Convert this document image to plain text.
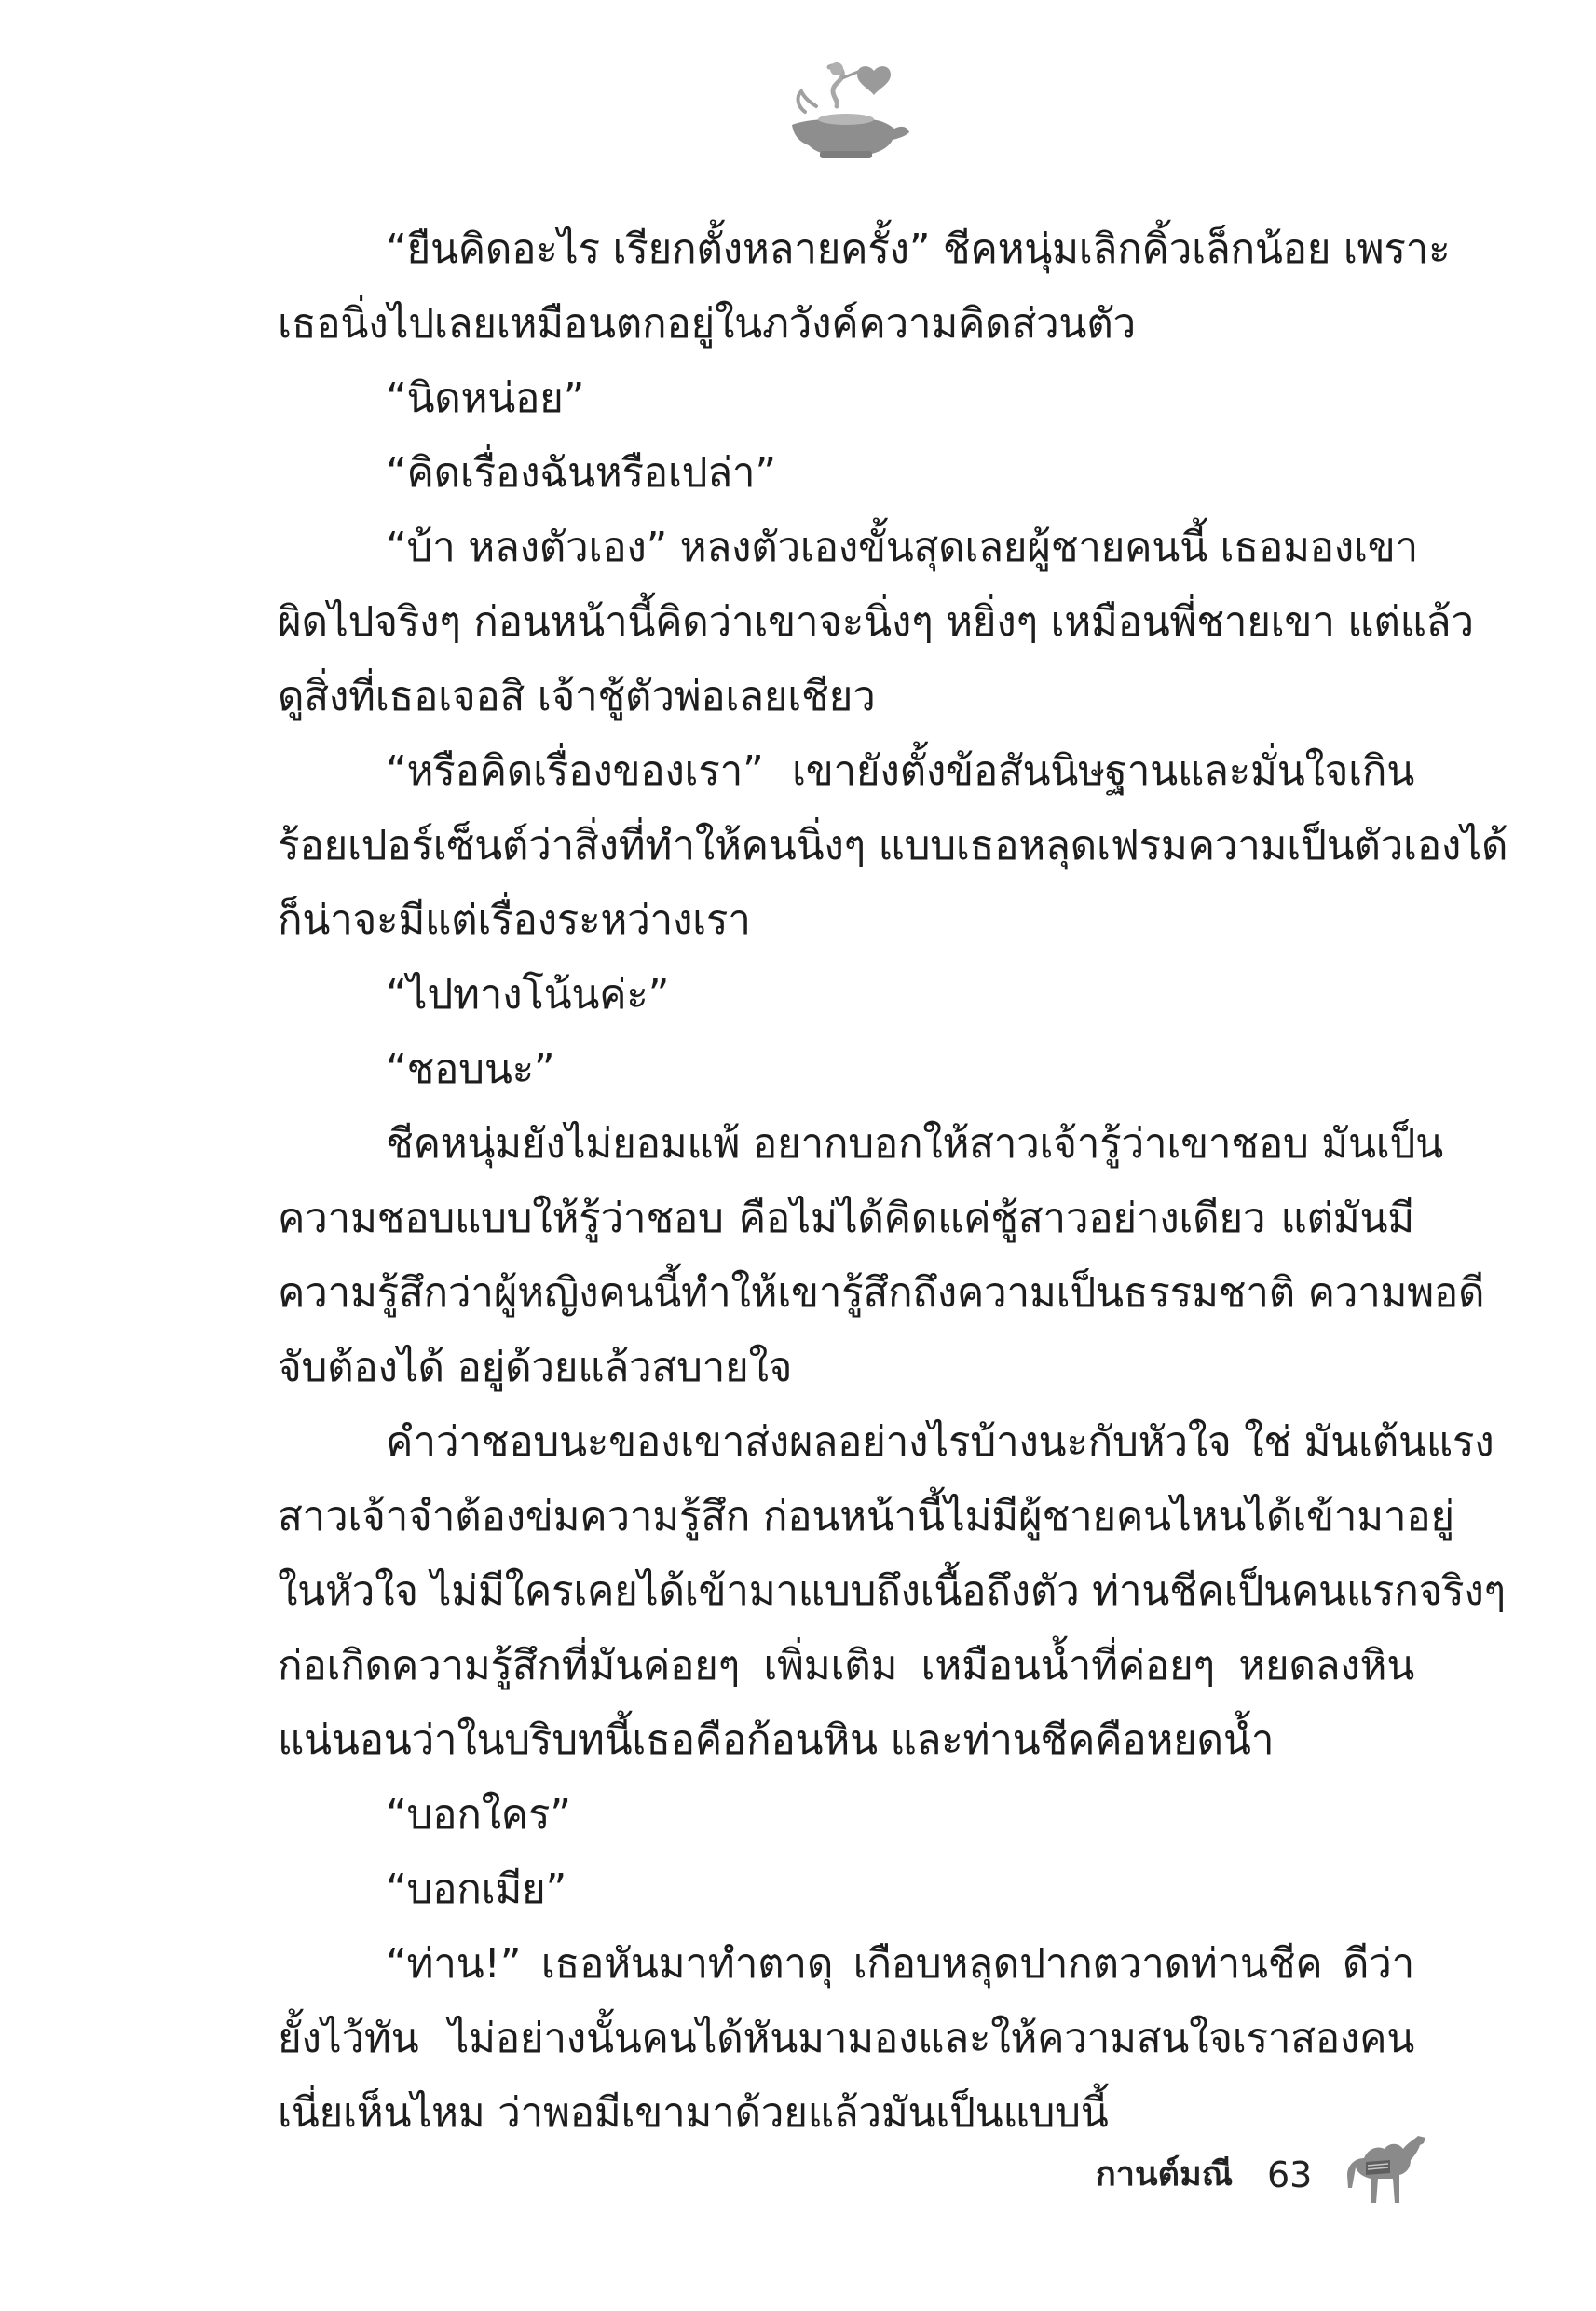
“ยืนคิดอะไร เรียกตั้งหลายครั้ง” ชีคหนุ่มเลิกคิ้วเล็กน้อย เพราะ
เธอนิ่งไปเลยเหมือนตกอยู่ในภวังค์ความคิดส่วนตัว
“นิดหน่อย”
“คิดเรื่องฉันหรือเปล่า”
“บ้า หลงตัวเอง” หลงตัวเองขั้นสุดเลยผู้ชายคนนี้ เธอมองเขา
ผิดไปจริงๆ ก่อนหน้านี้คิดว่าเขาจะนิ่งๆ หยิ่งๆ เหมือนพี่ชายเขา แต่แล้ว
ดูสิ่งที่เธอเจอสิ เจ้าชู้ตัวพ่อเลยเชียว
“หรือคิดเรื่องของเรา” เขายังตั้งข้อสันนิษฐานและมั่นใจเกิน
ร้อยเปอร์เซ็นต์ว่าสิ่งที่ทำให้คนนิ่งๆ แบบเธอหลุดเฟรมความเป็นตัวเองได้
ก็น่าจะมีแต่เรื่องระหว่างเรา
“ไปทางโน้นค่ะ”
“ชอบนะ”
ชีคหนุ่มยังไม่ยอมแพ้ อยากบอกให้สาวเจ้ารู้ว่าเขาชอบ มันเป็น
ความชอบแบบให้รู้ว่าชอบ คือไม่ได้คิดแค่ชู้สาวอย่างเดียว แต่มันมี
ความรู้สึกว่าผู้หญิงคนนี้ทำให้เขารู้สึกถึงความเป็นธรรมชาติ ความพอดี
จับต้องได้ อยู่ด้วยแล้วสบายใจ
คำว่าชอบนะของเขาส่งผลอย่างไรบ้างนะกับหัวใจ ใช่ มันเต้นแรง
สาวเจ้าจำต้องข่มความรู้สึก ก่อนหน้านี้ไม่มีผู้ชายคนไหนได้เข้ามาอยู่
ในหัวใจ ไม่มีใครเคยได้เข้ามาแบบถึงเนื้อถึงตัว ท่านชีคเป็นคนแรกจริงๆ
ก่อเกิดความรู้สึกที่มันค่อยๆ เพิ่มเติม เหมือนน้ำที่ค่อยๆ หยดลงหิน
แน่นอนว่าในบริบทนี้เธอคือก้อนหิน และท่านชีคคือหยดน้ำ
“บอกใคร”
“บอกเมีย”
“ท่าน!” เธอหันมาทำตาดุ เกือบหลุดปากตวาดท่านชีค ดีว่า
ยั้งไว้ทัน ไม่อย่างนั้นคนได้หันมามองและให้ความสนใจเราสองคน
เนี่ยเห็นไหม ว่าพอมีเขามาด้วยแล้วมันเป็นแบบนี้
กานต์มณี 63
